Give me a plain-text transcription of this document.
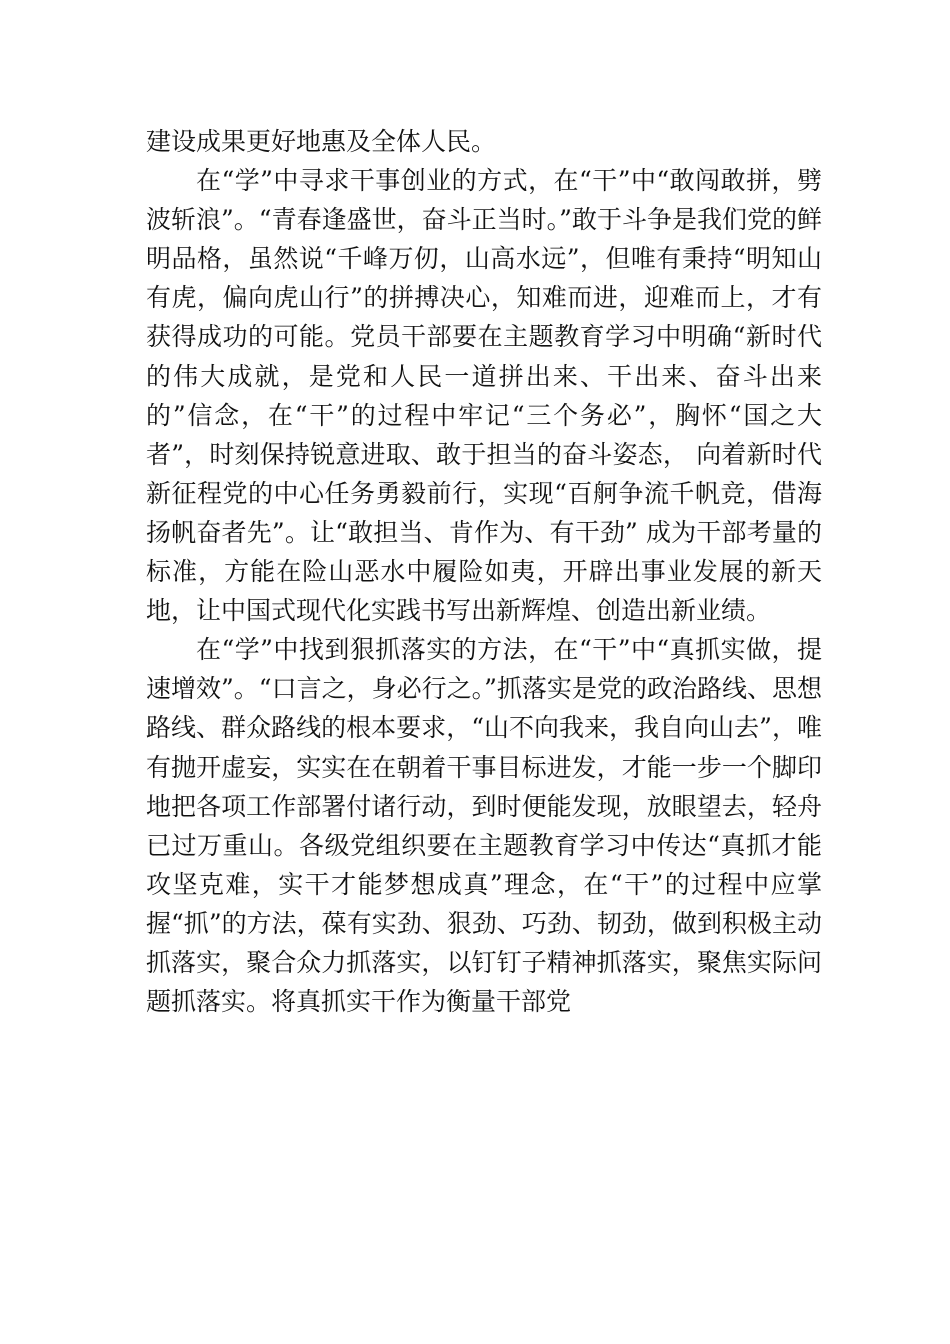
建设成果更好地惠及全体人民。

在“学”中寻求干事创业的方式，在“干”中“敢闯敢拼，劈波斩浪”。“青春逢盛世，奋斗正当时。”敢于斗争是我们党的鲜明品格，虽然说“千峰万仞，山高水远”，但唯有秉持“明知山有虎，偏向虎山行”的拼搏决心，知难而进，迎难而上，才有获得成功的可能。党员干部要在主题教育学习中明确“新时代的伟大成就，是党和人民一道拼出来、干出来、奋斗出来的”信念，在“干”的过程中牢记“三个务必”，胸怀“国之大者”，时刻保持锐意进取、敢于担当的奋斗姿态， 向着新时代新征程党的中心任务勇毅前行，实现“百舸争流千帆竞，借海扬帆奋者先”。让“敢担当、肯作为、有干劲” 成为干部考量的标准，方能在险山恶水中履险如夷，开辟出事业发展的新天地，让中国式现代化实践书写出新辉煌、创造出新业绩。

在“学”中找到狠抓落实的方法，在“干”中“真抓实做，提速增效”。“口言之，身必行之。”抓落实是党的政治路线、思想路线、群众路线的根本要求，“山不向我来，我自向山去”，唯有抛开虚妄，实实在在朝着干事目标进发，才能一步一个脚印地把各项工作部署付诸行动，到时便能发现，放眼望去，轻舟已过万重山。各级党组织要在主题教育学习中传达“真抓才能攻坚克难，实干才能梦想成真”理念，在“干”的过程中应掌握“抓”的方法，葆有实劲、狠劲、巧劲、韧劲，做到积极主动抓落实，聚合众力抓落实，以钉钉子精神抓落实，聚焦实际问题抓落实。将真抓实干作为衡量干部党
